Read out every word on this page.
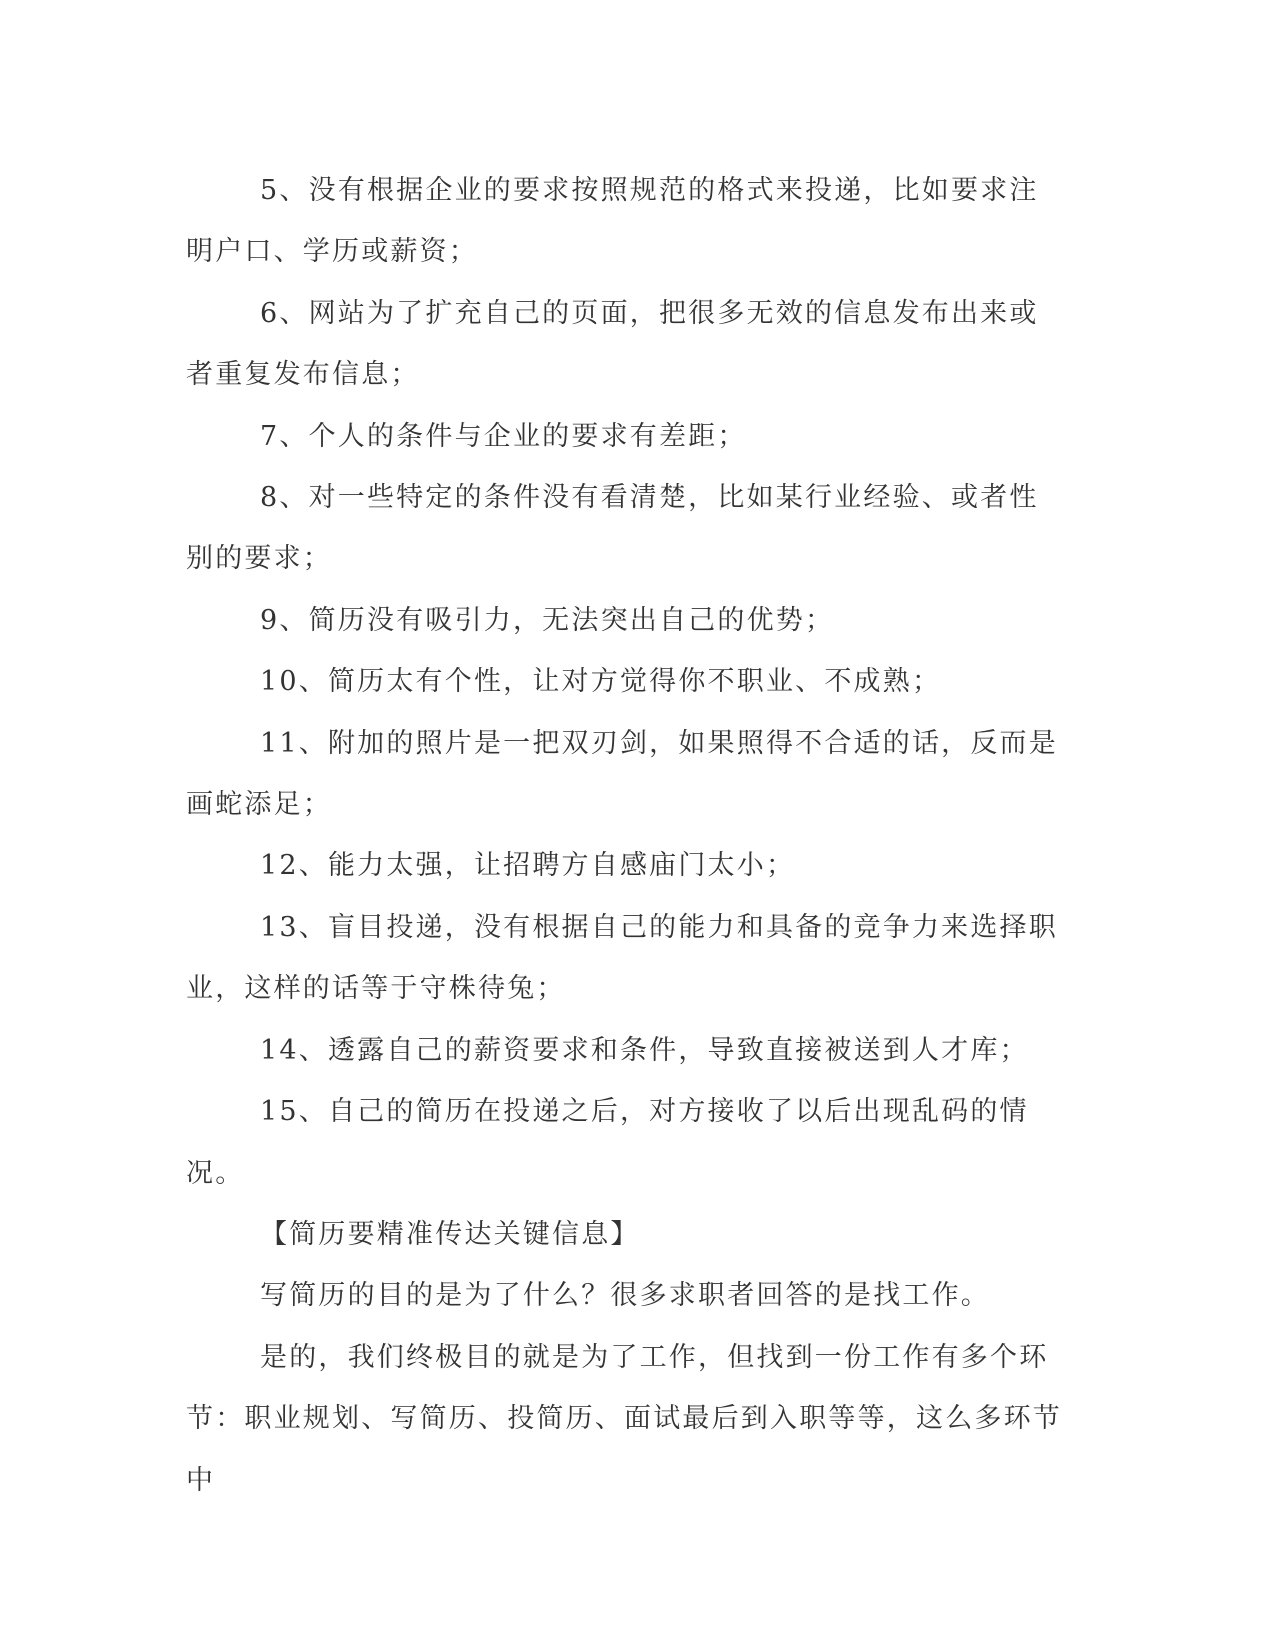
5、没有根据企业的要求按照规范的格式来投递，比如要求注明户口、学历或薪资；

6、网站为了扩充自己的页面，把很多无效的信息发布出来或者重复发布信息；

7、个人的条件与企业的要求有差距；

8、对一些特定的条件没有看清楚，比如某行业经验、或者性别的要求；

9、简历没有吸引力，无法突出自己的优势；

10、简历太有个性，让对方觉得你不职业、不成熟；

11、附加的照片是一把双刃剑，如果照得不合适的话，反而是画蛇添足；

12、能力太强，让招聘方自感庙门太小；

13、盲目投递，没有根据自己的能力和具备的竞争力来选择职业，这样的话等于守株待兔；

14、透露自己的薪资要求和条件，导致直接被送到人才库；

15、自己的简历在投递之后，对方接收了以后出现乱码的情况。

【简历要精准传达关键信息】

写简历的目的是为了什么？很多求职者回答的是找工作。

是的，我们终极目的就是为了工作，但找到一份工作有多个环节：职业规划、写简历、投简历、面试最后到入职等等，这么多环节中
